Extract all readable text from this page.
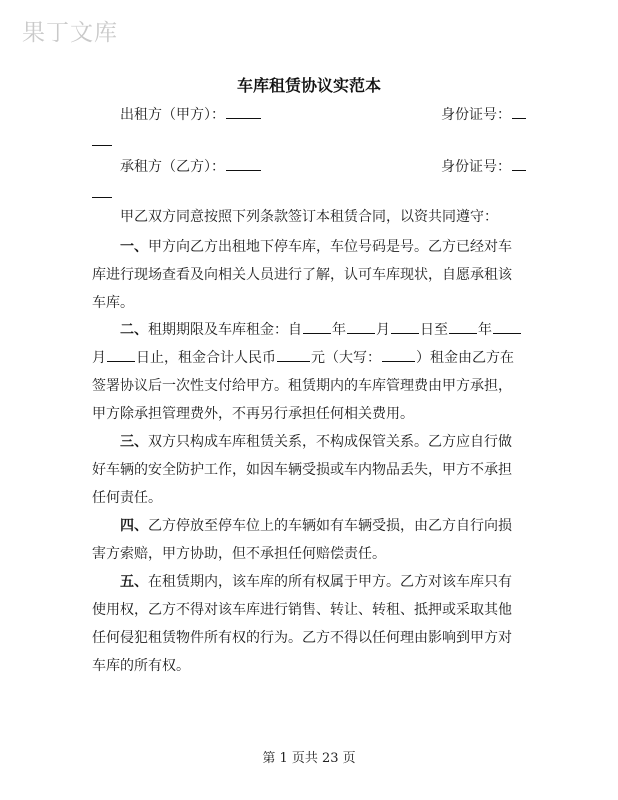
果丁文库
车库租赁协议实范本
出租方（甲方）：	身份证号：
承租方（乙方）：	身份证号：
甲乙双方同意按照下列条款签订本租赁合同，以资共同遵守：
一、甲方向乙方出租地下停车库，车位号码是号。乙方已经对车
库进行现场查看及向相关人员进行了解，认可车库现状，自愿承租该
车库。
二、租期期限及车库租金：自 年 月 日至 年
月 日止，租金合计人民币	元（大写：	）租金由乙方在
签署协议后一次性支付给甲方。租赁期内的车库管理费由甲方承担，
甲方除承担管理费外，不再另行承担任何相关费用。
三、双方只构成车库租赁关系，不构成保管关系。乙方应自行做
好车辆的安全防护工作，如因车辆受损或车内物品丢失，甲方不承担
任何责任。
四、乙方停放至停车位上的车辆如有车辆受损，由乙方自行向损
害方索赔，甲方协助，但不承担任何赔偿责任。
五、在租赁期内，该车库的所有权属于甲方。乙方对该车库只有
使用权，乙方不得对该车库进行销售、转让、转租、抵押或采取其他
任何侵犯租赁物件所有权的行为。乙方不得以任何理由影响到甲方对
车库的所有权。
第 1 页共 23 页
